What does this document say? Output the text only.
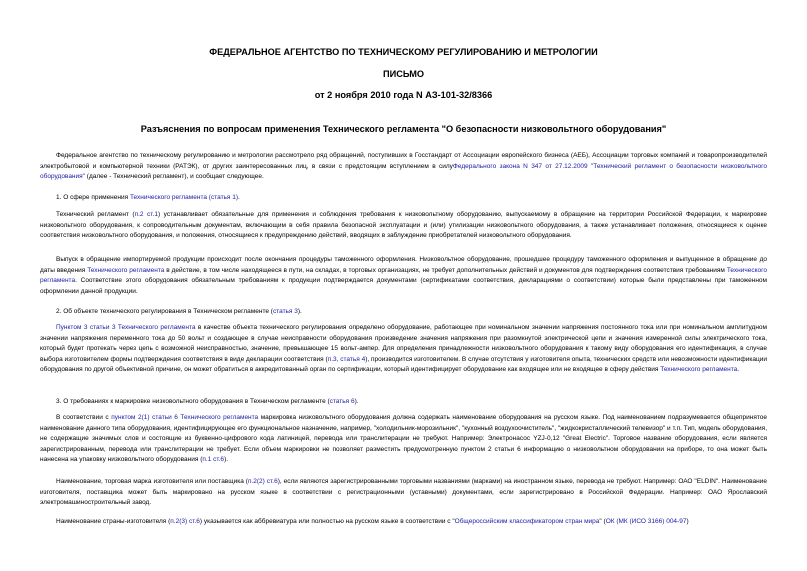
ФЕДЕРАЛЬНОЕ АГЕНТСТВО ПО ТЕХНИЧЕСКОМУ РЕГУЛИРОВАНИЮ И МЕТРОЛОГИИ
ПИСЬМО
от 2 ноября 2010 года N АЗ-101-32/8366
Разъяснения по вопросам применения Технического регламента "О безопасности низковольтного оборудования"

Федеральное агентство по техническому регулированию и метрологии рассмотрело ряд обращений, поступивших в Госстандарт от Ассоциации европейского бизнеса (АЕБ), Ассоциации торговых компаний и товаропроизводителей электробытовой и компьютерной техники (РАТЭК), от других заинтересованных лиц, в связи с предстоящим вступлением в силуФедерального закона N 347 от 27.12.2009 "Технический регламент о безопасности низковольтного оборудования" (далее - Технический регламент), и сообщает следующее.

1. О сфере применения Технического регламента (статья 1).

Технический регламент (п.2 ст.1) устанавливает обязательные для применения и соблюдения требования к низковольтному оборудованию, выпускаемому в обращение на территории Российской Федерации, к маркировке низковольтного оборудования, к сопроводительным документам, включающим в себя правила безопасной эксплуатации и (или) утилизации низковольтного оборудования, а также устанавливает положения, относящиеся к оценке соответствия низковольтного оборудования, и положения, относящиеся к предупреждению действий, вводящих в заблуждение приобретателей низковольтного оборудования.

Выпуск в обращение импортируемой продукции происходит после окончания процедуры таможенного оформления. Низковольтное оборудование, прошедшее процедуру таможенного оформления и выпущенное в обращение до даты введения Технического регламента в действие, в том числе находящееся в пути, на складах, в торговых организациях, не требует дополнительных действий и документов для подтверждения соответствия требованиям Технического регламента. Соответствие этого оборудования обязательным требованиям к продукции подтверждается документами (сертификатами соответствия, декларациями о соответствии) которые были представлены при таможенном оформлении данной продукции.

2. Об объекте технического регулирования в Техническом регламенте (статья 3).

Пунктом 3 статьи 3 Технического регламента в качестве объекта технического регулирования определено оборудование, работающее при номинальном значении напряжения постоянного тока или при номинальном амплитудном значении напряжения переменного тока до 50 вольт и создающее в случае неисправности оборудования произведение значения напряжения при разомкнутой электрической цепи и значения измеренной силы электрического тока, который будет протекать через цепь с возможной неисправностью, значение, превышающее 15 вольт-ампер. Для определения принадлежности низковольтного оборудования к такому виду оборудования его идентификация, в случае выбора изготовителем формы подтверждения соответствия в виде декларации соответствия (п.3, статья 4), производится изготовителем. В случае отсутствия у изготовителя опыта, технических средств или невозможности идентификации оборудования по другой объективной причине, он может обратиться в аккредитованный орган по сертификации, который идентифицирует оборудование как входящее или не входящее в сферу действия Технического регламента.

3. О требованиях к маркировке низковольтного оборудования в Техническом регламенте (статья 6).

В соответствии с пунктом 2(1) статьи 6 Технического регламента маркировка низковольтного оборудования должна содержать наименование оборудования на русском языке. Под наименованием подразумевается общепринятое наименование данного типа оборудования, идентифицирующее его функциональное назначение, например, "холодильник-морозильник", "кухонный воздухоочиститель", "жидкокристаллический телевизор" и т.п. Тип, модель оборудования, не содержащие значимых слов и состоящие из буквенно-цифрового кода латиницей, перевода или транслитерации не требуют. Например: Электронасос YZJ-0,12 "Great Electric". Торговое название оборудования, если является зарегистрированным, перевода или транслитерации не требует. Если объем маркировки не позволяет разместить предусмотренную пунктом 2 статьи 6 информацию о низковольтном оборудовании на приборе, то она может быть нанесена на упаковку низковольтного оборудования (п.1 ст.6).

Наименование, торговая марка изготовителя или поставщика (п.2(2) ст.6), если являются зарегистрированными торговыми названиями (марками) на иностранном языке, перевода не требуют. Например: ОАО "ELDIN". Наименование изготовителя, поставщика может быть маркировано на русском языке в соответствии с регистрационными (уставными) документами, если зарегистрировано в Российской Федерации. Например: ОАО Ярославский электромашиностроительный завод.

Наименование страны-изготовителя (п.2(3) ст.6) указывается как аббревиатура или полностью на русском языке в соответствии с "Общероссийским классификатором стран мира" (ОК (МК (ИСО 3166) 004-97)
